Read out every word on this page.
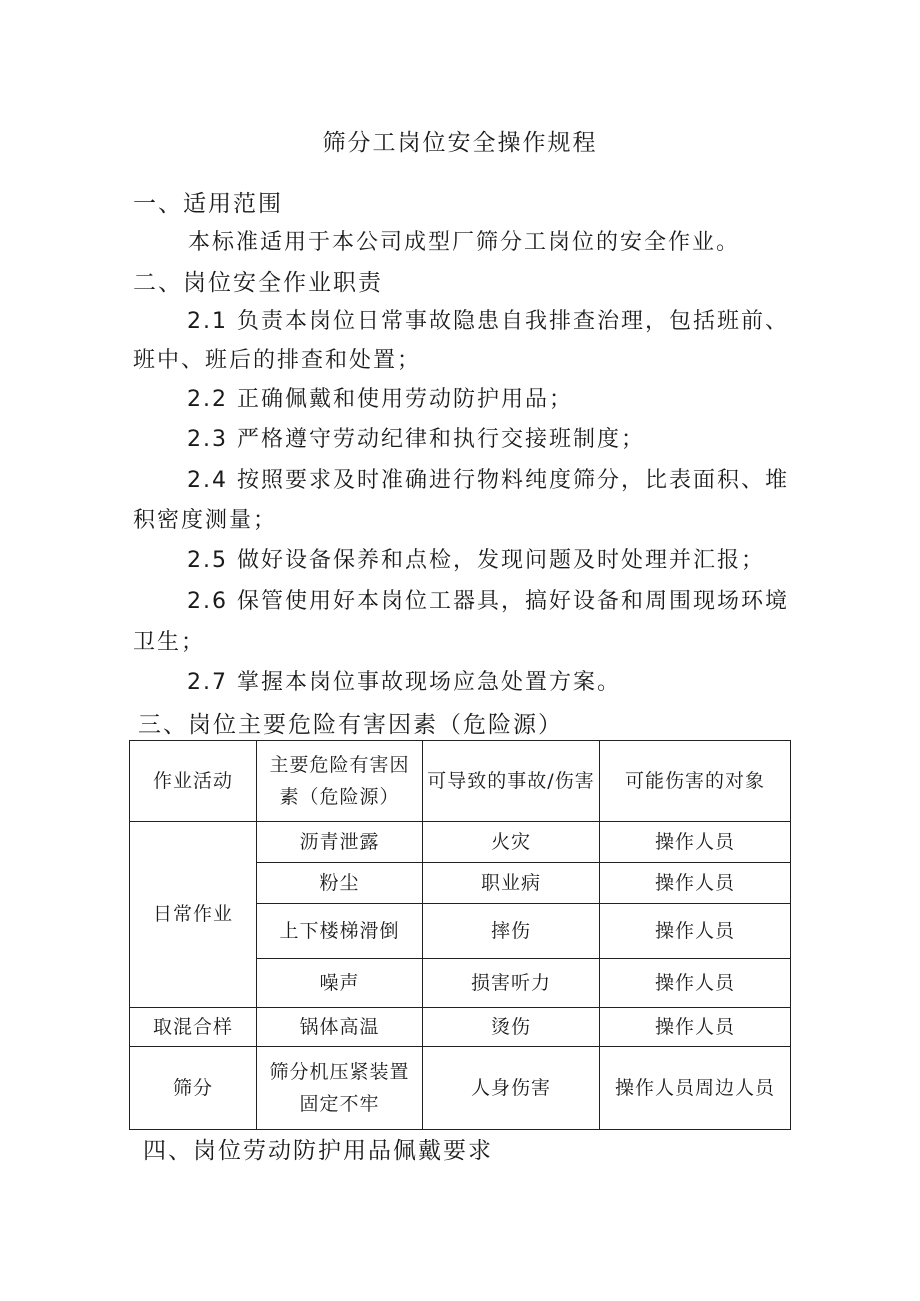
筛分工岗位安全操作规程
一、适用范围
本标准适用于本公司成型厂筛分工岗位的安全作业。
二、岗位安全作业职责
2.1 负责本岗位日常事故隐患自我排查治理，包括班前、
班中、班后的排查和处置；
2.2 正确佩戴和使用劳动防护用品；
2.3 严格遵守劳动纪律和执行交接班制度；
2.4 按照要求及时准确进行物料纯度筛分，比表面积、堆
积密度测量；
2.5 做好设备保养和点检，发现问题及时处理并汇报；
2.6 保管使用好本岗位工器具，搞好设备和周围现场环境
卫生；
2.7 掌握本岗位事故现场应急处置方案。
三、岗位主要危险有害因素（危险源）
作业活动	主要危险有害因素（危险源）	可导致的事故/伤害	可能伤害的对象
日常作业	沥青泄露	火灾	操作人员
	粉尘	职业病	操作人员
	上下楼梯滑倒	摔伤	操作人员
	噪声	损害听力	操作人员
取混合样	锅体高温	烫伤	操作人员
筛分	筛分机压紧装置固定不牢	人身伤害	操作人员周边人员
四、岗位劳动防护用品佩戴要求
